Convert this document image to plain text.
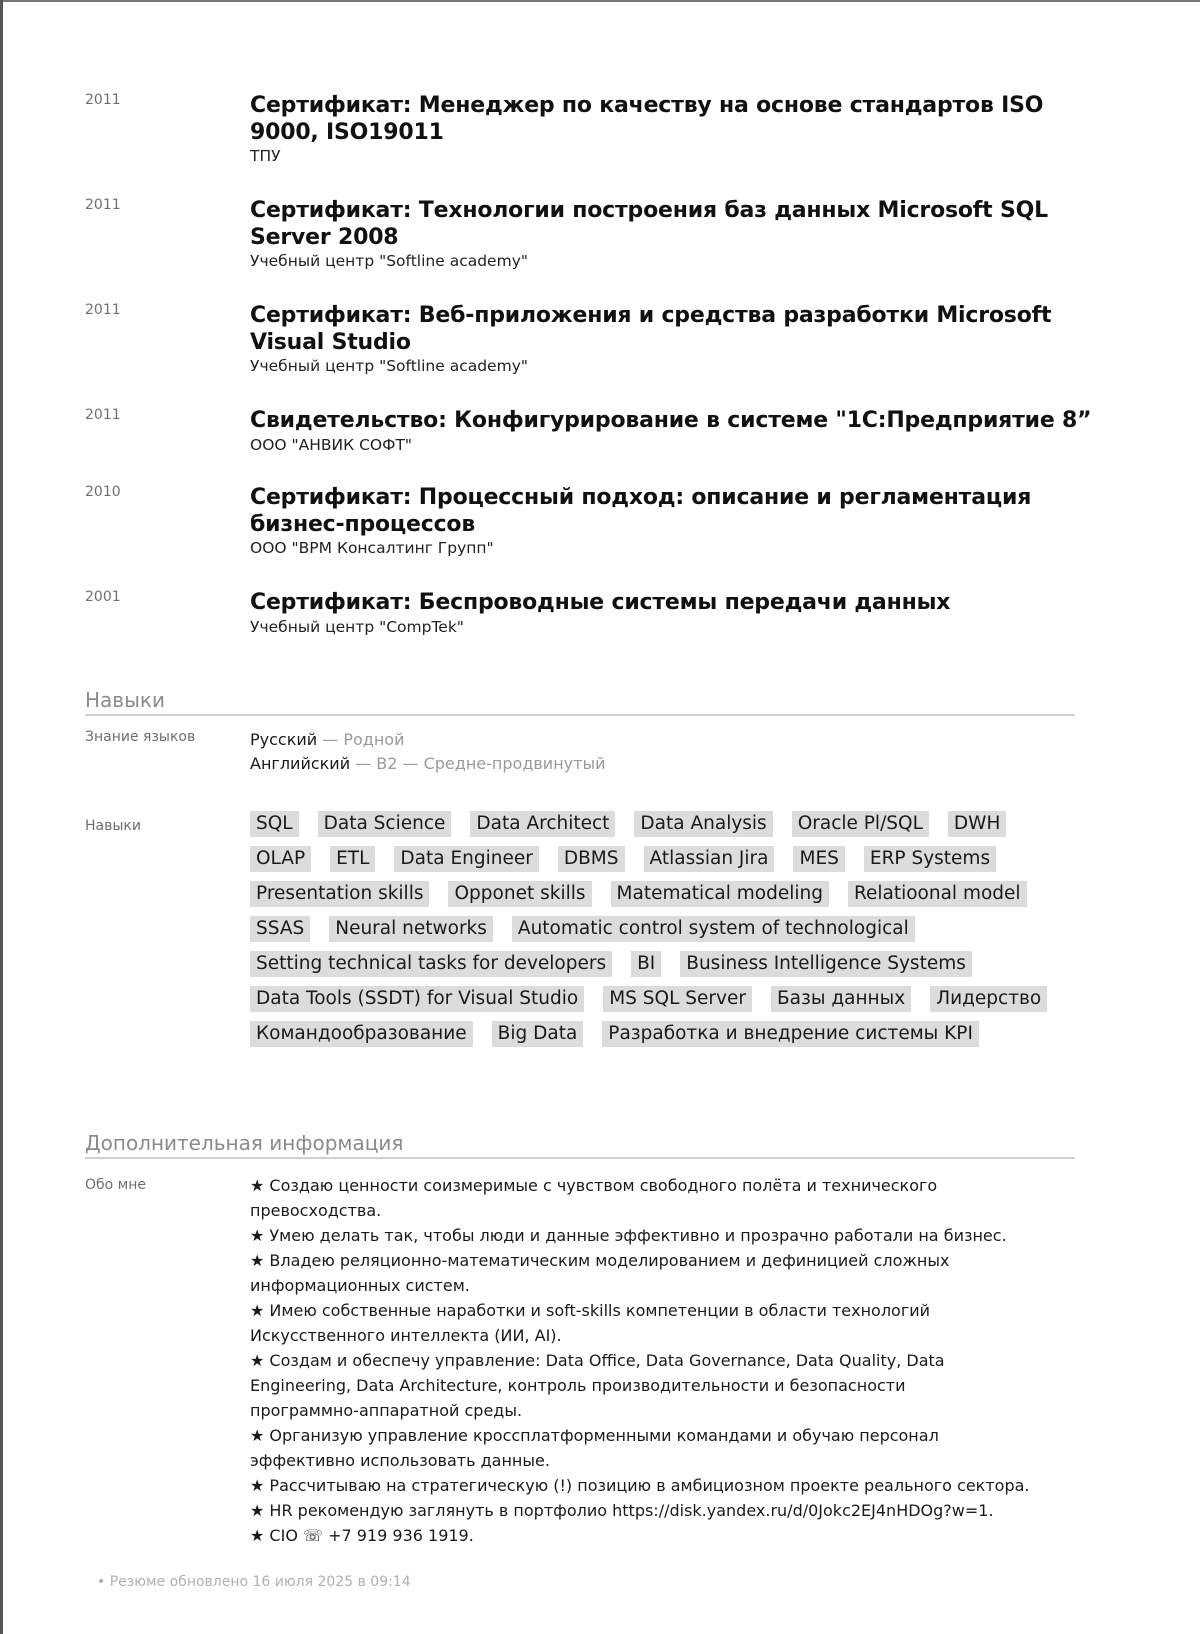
2011	Сертификат: Менеджер по качеству на основе стандартов ISO 9000, ISO19011
ТПУ
2011	Сертификат: Технологии построения баз данных Microsoft SQL Server 2008
Учебный центр "Softline academy"
2011	Сертификат: Веб-приложения и средства разработки Microsoft Visual Studio
Учебный центр "Softline academy"
2011	Свидетельство: Конфигурирование в системе "1С:Предприятие 8”
ООО "АНВИК СОФТ"
2010	Сертификат: Процессный подход: описание и регламентация бизнес-процессов
ООО "BPM Консалтинг Групп"
2001	Сертификат: Беспроводные системы передачи данных
Учебный центр "CompTek"
Навыки
Знание языков	Русский — Родной
Английский — B2 — Средне-продвинутый
Навыки	SQL	Data Science	Data Architect	Data Analysis	Oracle Pl/SQL	DWH
OLAP	ETL	Data Engineer	DBMS	Atlassian Jira	MES	ERP Systems
Presentation skills	Opponet skills	Matematical modeling	Relatioonal model
SSAS	Neural networks	Automatic control system of technological
Setting technical tasks for developers	BI	Business Intelligence Systems
Data Tools (SSDT) for Visual Studio	MS SQL Server	Базы данных	Лидерство
Командообразование	Big Data	Разработка и внедрение системы KPI
Дополнительная информация
Обо мне	★ Создаю ценности соизмеримые с чувством свободного полёта и технического

превосходства.

★ Умею делать так, чтобы люди и данные эффективно и прозрачно работали на бизнес.

★ Владею реляционно-математическим моделированием и дефиницией сложных

информационных систем.

★ Имею собственные наработки и soft-skills компетенции в области технологий

Искусственного интеллекта (ИИ, AI).

★ Создам и обеспечу управление: Data Office, Data Governance, Data Quality, Data

Engineering, Data Architecture, контроль производительности и безопасности

программно-аппаратной среды.

★ Организую управление кроссплатформенными командами и обучаю персонал

эффективно использовать данные.

★ Рассчитываю на стратегическую (!) позицию в амбициозном проекте реального сектора.

★ HR рекомендую заглянуть в портфолио https://disk.yandex.ru/d/0Jokc2EJ4nHDOg?w=1.

★ CIO ☏ +7 919 936 1919.

• Резюме обновлено 16 июля 2025 в 09:14
